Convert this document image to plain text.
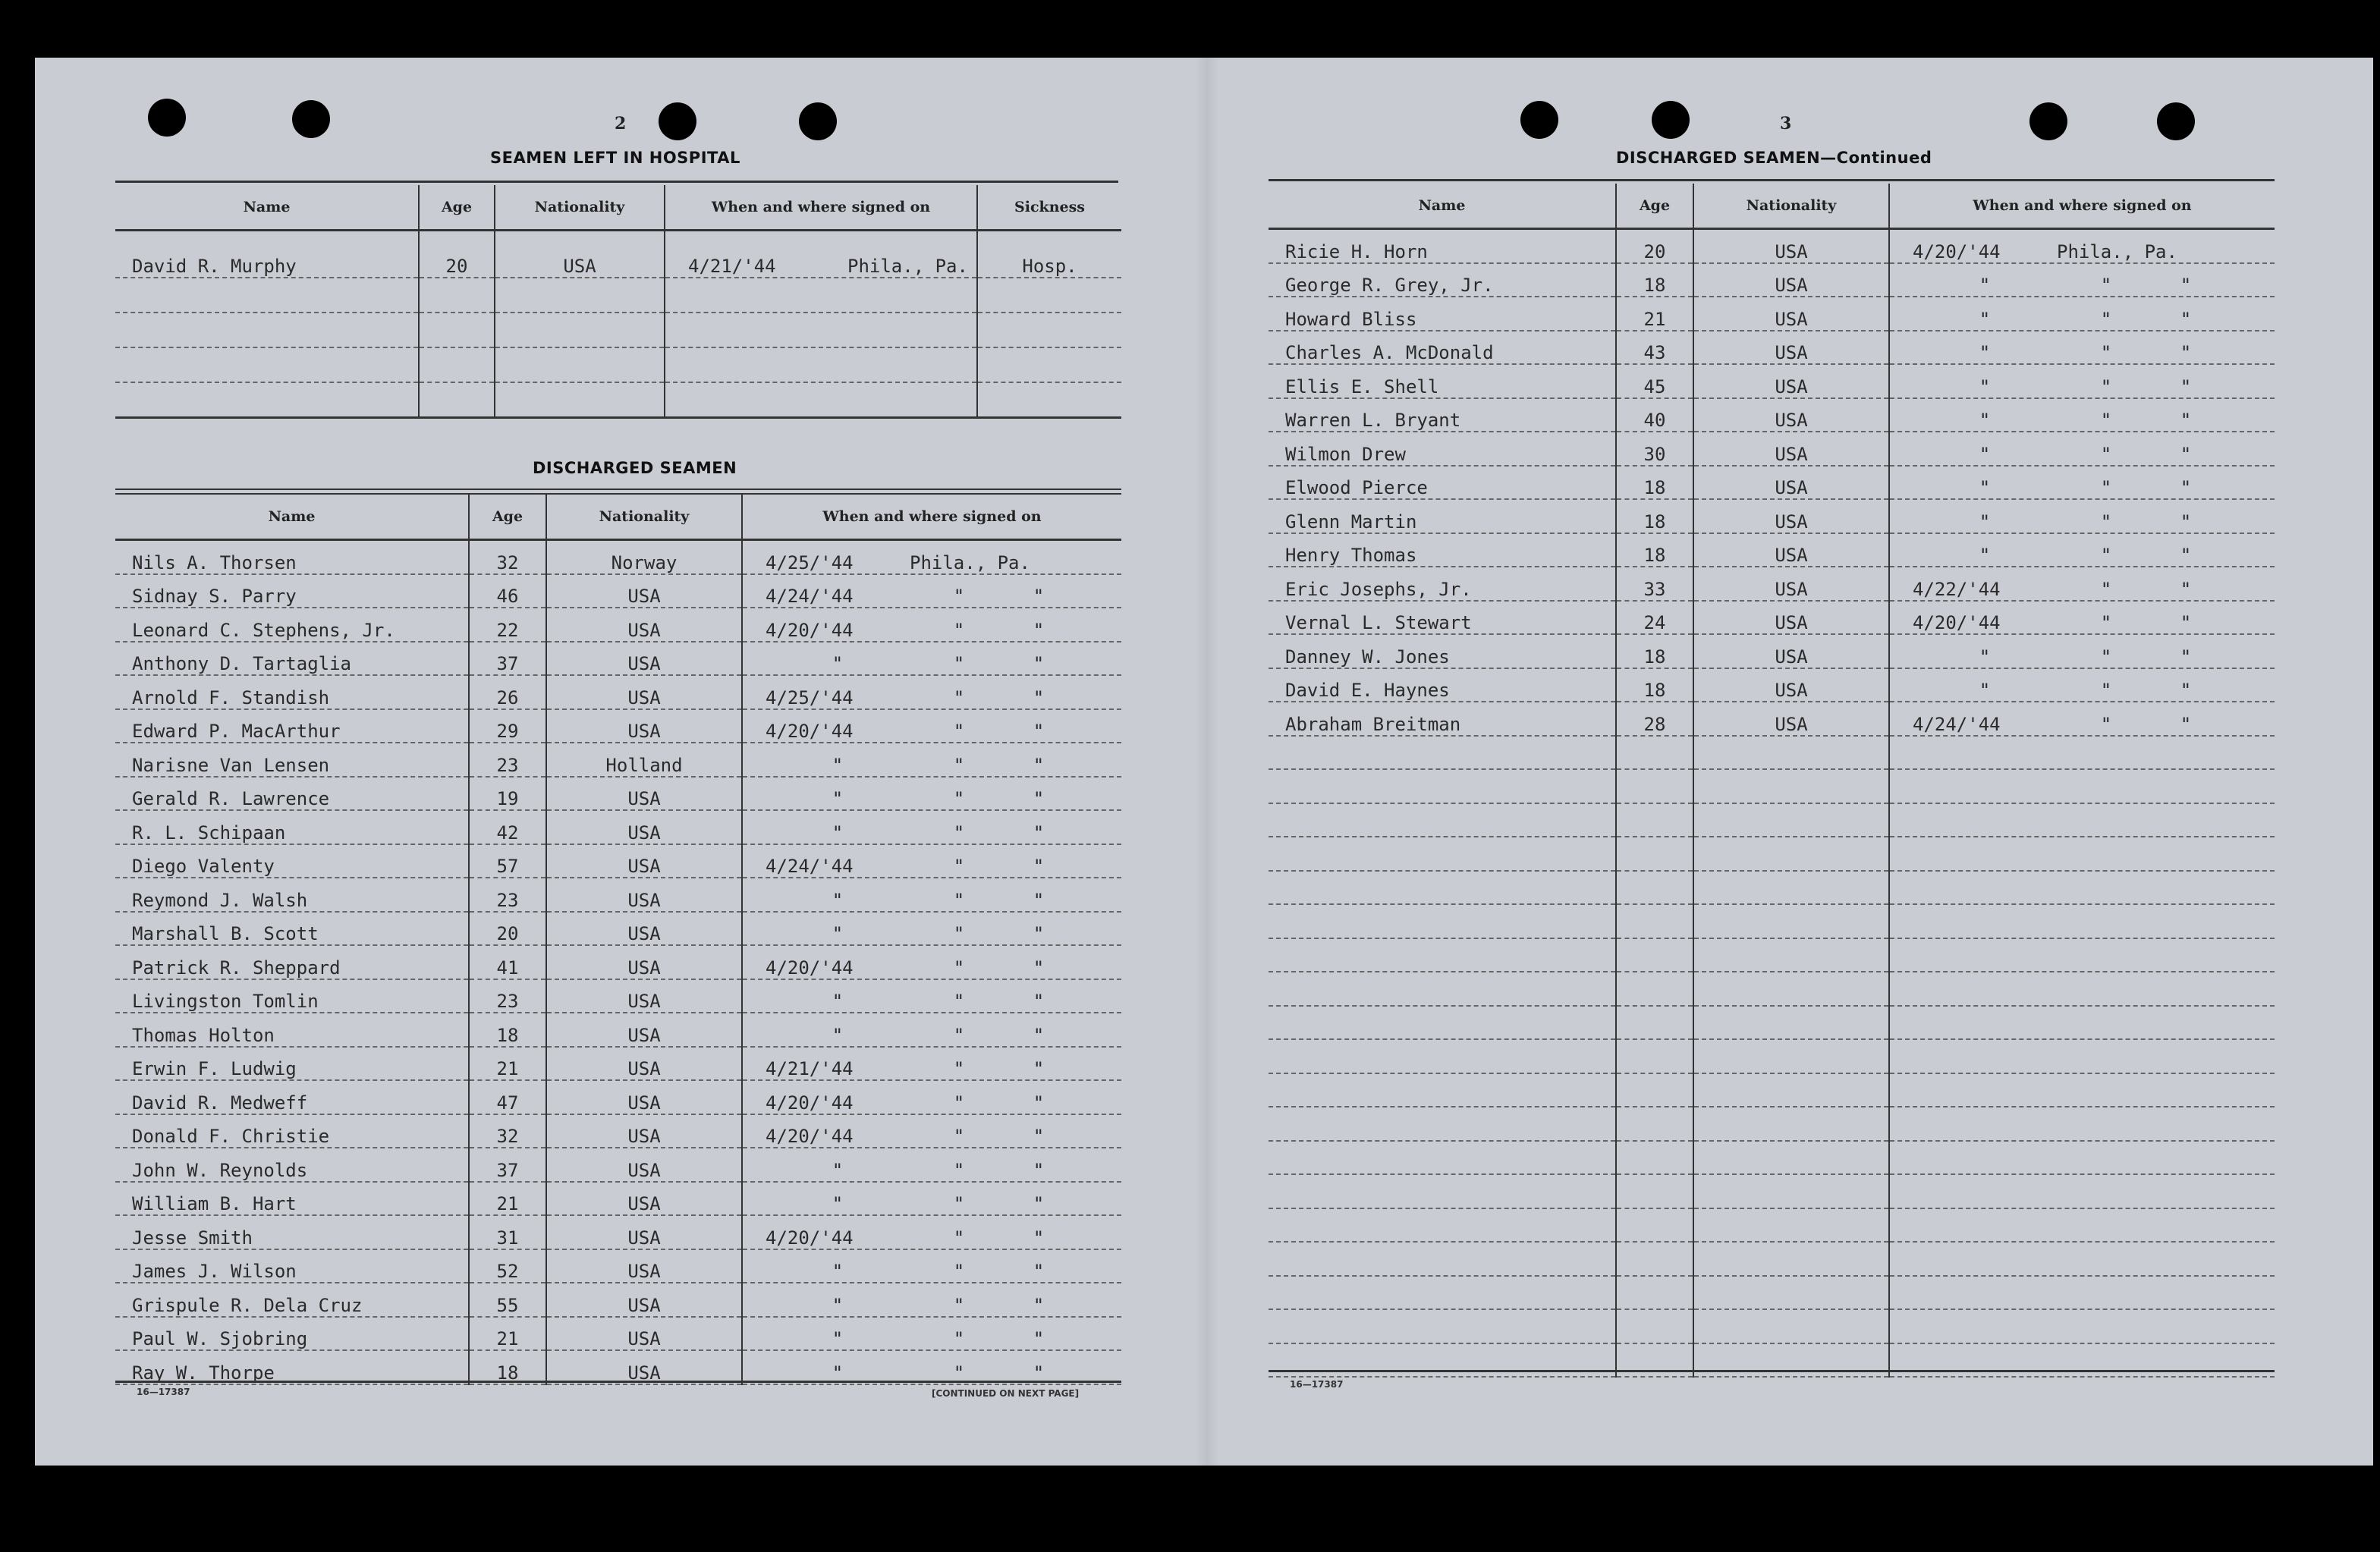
2
SEAMEN LEFT IN HOSPITAL
Name	Age	Nationality	When and where signed on	Sickness
David R. Murphy	20	USA	4/21/'44 Phila., Pa.	Hosp.

DISCHARGED SEAMEN
Name	Age	Nationality	When and where signed on
Nils A. Thorsen	32	Norway	4/25/'44 Phila., Pa.
Sidnay S. Parry	46	USA	4/24/'44 " "
Leonard C. Stephens, Jr.	22	USA	4/20/'44 " "
Anthony D. Tartaglia	37	USA	" " "
Arnold F. Standish	26	USA	4/25/'44 " "
Edward P. MacArthur	29	USA	4/20/'44 " "
Narisne Van Lensen	23	Holland	" " "
Gerald R. Lawrence	19	USA	" " "
R. L. Schipaan	42	USA	" " "
Diego Valenty	57	USA	4/24/'44 " "
Reymond J. Walsh	23	USA	" " "
Marshall B. Scott	20	USA	" " "
Patrick R. Sheppard	41	USA	4/20/'44 " "
Livingston Tomlin	23	USA	" " "
Thomas Holton	18	USA	" " "
Erwin F. Ludwig	21	USA	4/21/'44 " "
David R. Medweff	47	USA	4/20/'44 " "
Donald F. Christie	32	USA	4/20/'44 " "
John W. Reynolds	37	USA	" " "
William B. Hart	21	USA	" " "
Jesse Smith	31	USA	4/20/'44 " "
James J. Wilson	52	USA	" " "
Grispule R. Dela Cruz	55	USA	" " "
Paul W. Sjobring	21	USA	" " "
Ray W. Thorpe	18	USA	" " "
16—17387	[CONTINUED ON NEXT PAGE]
3
DISCHARGED SEAMEN—Continued
Name	Age	Nationality	When and where signed on
Ricie H. Horn	20	USA	4/20/'44 Phila., Pa.
George R. Grey, Jr.	18	USA	" " "
Howard Bliss	21	USA	" " "
Charles A. McDonald	43	USA	" " "
Ellis E. Shell	45	USA	" " "
Warren L. Bryant	40	USA	" " "
Wilmon Drew	30	USA	" " "
Elwood Pierce	18	USA	" " "
Glenn Martin	18	USA	" " "
Henry Thomas	18	USA	" " "
Eric Josephs, Jr.	33	USA	4/22/'44 " "
Vernal L. Stewart	24	USA	4/20/'44 " "
Danney W. Jones	18	USA	" " "
David E. Haynes	18	USA	" " "
Abraham Breitman	28	USA	4/24/'44 " "

16—17387
